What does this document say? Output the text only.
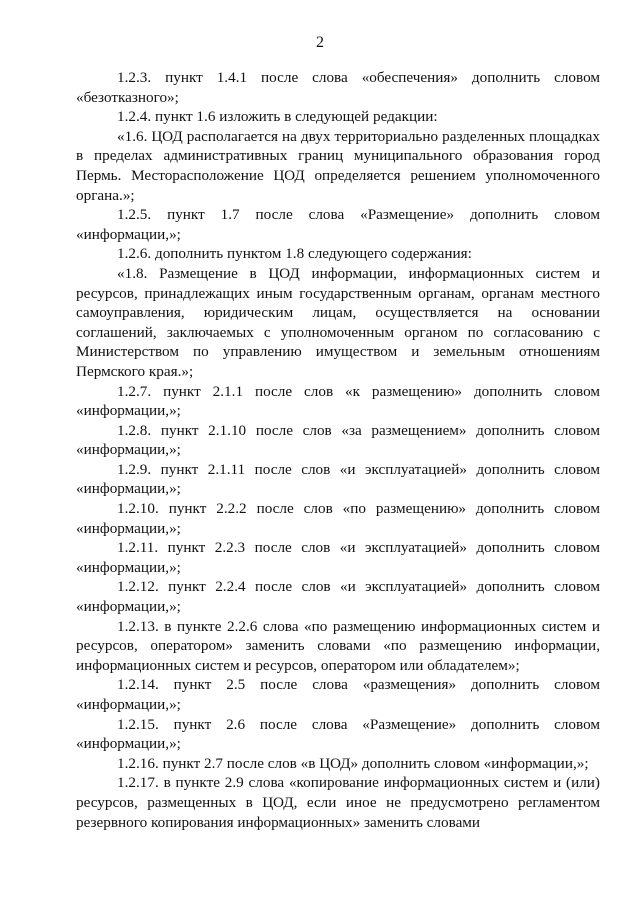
2

1.2.3. пункт 1.4.1 после слова «обеспечения» дополнить словом «безотказного»;

1.2.4. пункт 1.6 изложить в следующей редакции:

«1.6. ЦОД располагается на двух территориально разделенных площадках в пределах административных границ муниципального образования город Пермь. Месторасположение ЦОД определяется решением уполномоченного органа.»;

1.2.5. пункт 1.7 после слова «Размещение» дополнить словом «информации,»;

1.2.6. дополнить пунктом 1.8 следующего содержания:

«1.8. Размещение в ЦОД информации, информационных систем и ресурсов, принадлежащих иным государственным органам, органам местного самоуправления, юридическим лицам, осуществляется на основании соглашений, заключаемых с уполномоченным органом по согласованию с Министерством по управлению имуществом и земельным отношениям Пермского края.»;

1.2.7. пункт 2.1.1 после слов «к размещению» дополнить словом «информации,»;

1.2.8. пункт 2.1.10 после слов «за размещением» дополнить словом «информации,»;

1.2.9. пункт 2.1.11 после слов «и эксплуатацией» дополнить словом «информации,»;

1.2.10. пункт 2.2.2 после слов «по размещению» дополнить словом «информации,»;

1.2.11. пункт 2.2.3 после слов «и эксплуатацией» дополнить словом «информации,»;

1.2.12. пункт 2.2.4 после слов «и эксплуатацией» дополнить словом «информации,»;

1.2.13. в пункте 2.2.6 слова «по размещению информационных систем и ресурсов, оператором» заменить словами «по размещению информации, информационных систем и ресурсов, оператором или обладателем»;

1.2.14. пункт 2.5 после слова «размещения» дополнить словом «информации,»;

1.2.15. пункт 2.6 после слова «Размещение» дополнить словом «информации,»;

1.2.16. пункт 2.7 после слов «в ЦОД» дополнить словом «информации,»;

1.2.17. в пункте 2.9 слова «копирование информационных систем и (или) ресурсов, размещенных в ЦОД, если иное не предусмотрено регламентом резервного копирования информационных» заменить словами
